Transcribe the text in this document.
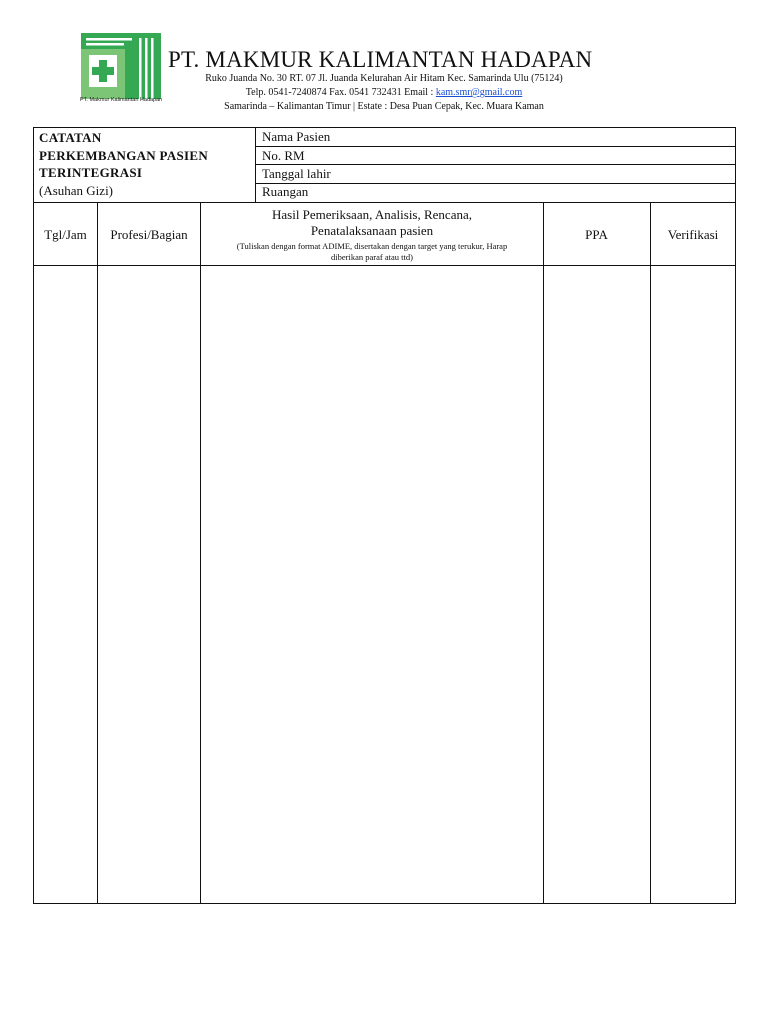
PT. Makmur Kalimantan Hadapan
PT. MAKMUR KALIMANTAN HADAPAN
Ruko Juanda No. 30 RT. 07 Jl. Juanda Kelurahan Air Hitam Kec. Samarinda Ulu (75124)
Telp. 0541-7240874 Fax. 0541 732431 Email : kam.smr@gmail.com
Samarinda – Kalimantan Timur | Estate : Desa Puan Cepak, Kec. Muara Kaman
CATATAN
PERKEMBANGAN PASIEN
TERINTEGRASI
(Asuhan Gizi)
Nama Pasien
No. RM
Tanggal lahir
Ruangan
Tgl/Jam Profesi/Bagian
Hasil Pemeriksaan, Analisis, Rencana, Penatalaksanaan pasien
(Tuliskan dengan format ADIME, disertakan dengan target yang terukur, Harap diberikan paraf atau ttd)
PPA	Verifikasi
